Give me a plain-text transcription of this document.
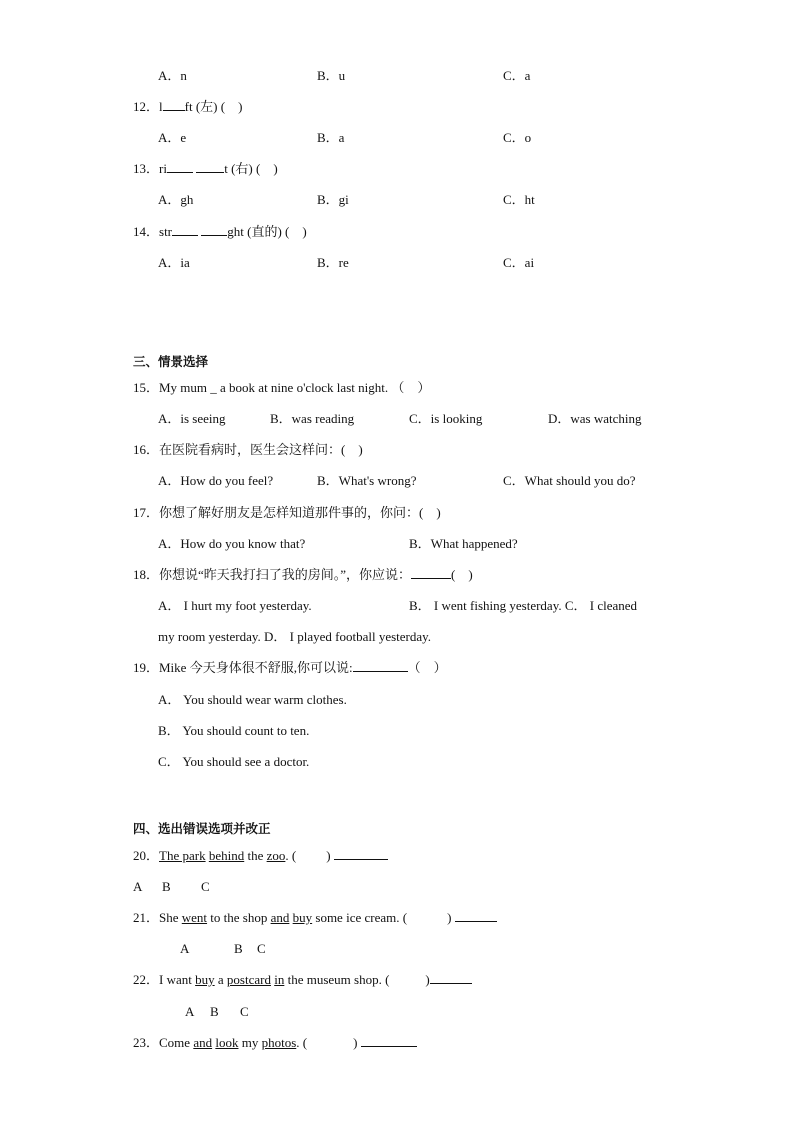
A．n	B．u	C．a
12．l ft (左) (　)
A．e	B．a	C．o
13．ri	t (右) (　)
A．gh	B．gi	C．ht
14．str	ght (直的) (　)
A．ia	B．re	C．ai
三、情景选择
15．My mum _ a book at nine o'clock last night. （　）
A．is seeing	B．was reading	C．is looking	D．was watching
16．在医院看病时，医生会这样问：(　)
A．How do you feel?	B．What's wrong?	C．What should you do?
17．你想了解好朋友是怎样知道那件事的，你问：(　)
A．How do you know that?	B．What happened?
18．你想说“昨天我打扫了我的房间。”，你应说：	(　)
A． I hurt my foot yesterday.	B． I went fishing yesterday. C． I cleaned
my room yesterday. D． I played football yesterday.
19．Mike 今天身体很不舒服,你可以说:	（　）
A． You should wear warm clothes.
B． You should count to ten.
C． You should see a doctor.
四、选出错误选项并改正
20．The park behind the zoo. ( )
A B C
21．She went to the shop and buy some ice cream. (	)
A	B C
22．I want buy a postcard in the museum shop. (	)
A B C
23．Come and look my photos. (	)
